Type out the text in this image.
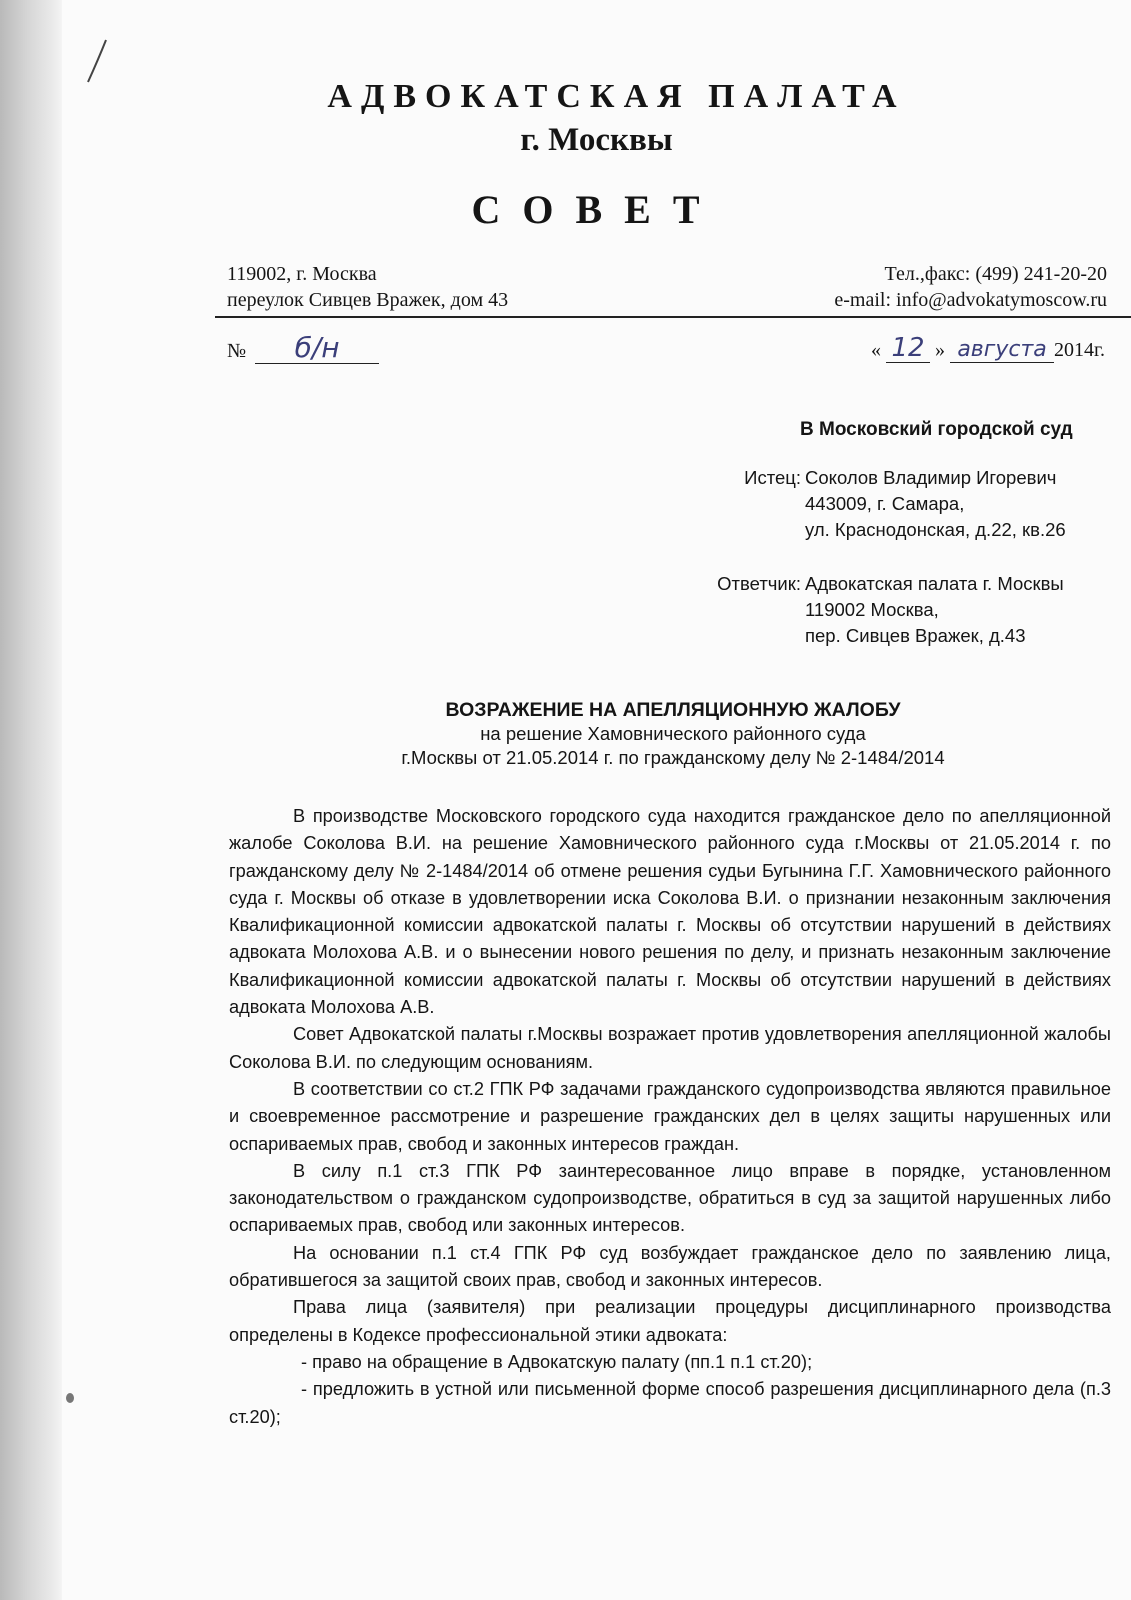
АДВОКАТСКАЯ ПАЛАТА
г. Москвы
СОВЕТ
119002, г. Москва
переулок Сивцев Вражек, дом 43
Тел.,факс: (499) 241-20-20
e-mail: info@advokatymoscow.ru
№ б/н	« 12 » августа 2014г.
В Московский городской суд
Истец: Соколов Владимир Игоревич
443009, г. Самара,
ул. Краснодонская, д.22, кв.26
Ответчик: Адвокатская палата г. Москвы
119002 Москва,
пер. Сивцев Вражек, д.43
ВОЗРАЖЕНИЕ НА АПЕЛЛЯЦИОННУЮ ЖАЛОБУ
на решение Хамовнического районного суда
г.Москвы от 21.05.2014 г. по гражданскому делу № 2-1484/2014

В производстве Московского городского суда находится гражданское дело по апелляционной жалобе Соколова В.И. на решение Хамовнического районного суда г.Москвы от 21.05.2014 г. по гражданскому делу № 2-1484/2014 об отмене решения судьи Бугынина Г.Г. Хамовнического районного суда г. Москвы об отказе в удовлетворении иска Соколова В.И. о признании незаконным заключения Квалификационной комиссии адвокатской палаты г. Москвы об отсутствии нарушений в действиях адвоката Молохова А.В. и о вынесении нового решения по делу, и признать незаконным заключение Квалификационной комиссии адвокатской палаты г. Москвы об отсутствии нарушений в действиях адвоката Молохова А.В.

Совет Адвокатской палаты г.Москвы возражает против удовлетворения апелляционной жалобы Соколова В.И. по следующим основаниям.

В соответствии со ст.2 ГПК РФ задачами гражданского судопроизводства являются правильное и своевременное рассмотрение и разрешение гражданских дел в целях защиты нарушенных или оспариваемых прав, свобод и законных интересов граждан.

В силу п.1 ст.3 ГПК РФ заинтересованное лицо вправе в порядке, установленном законодательством о гражданском судопроизводстве, обратиться в суд за защитой нарушенных либо оспариваемых прав, свобод или законных интересов.

На основании п.1 ст.4 ГПК РФ суд возбуждает гражданское дело по заявлению лица, обратившегося за защитой своих прав, свобод и законных интересов.

Права лица (заявителя) при реализации процедуры дисциплинарного производства определены в Кодексе профессиональной этики адвоката:

- право на обращение в Адвокатскую палату (пп.1 п.1 ст.20);

- предложить в устной или письменной форме способ разрешения дисциплинарного дела (п.3 ст.20);
